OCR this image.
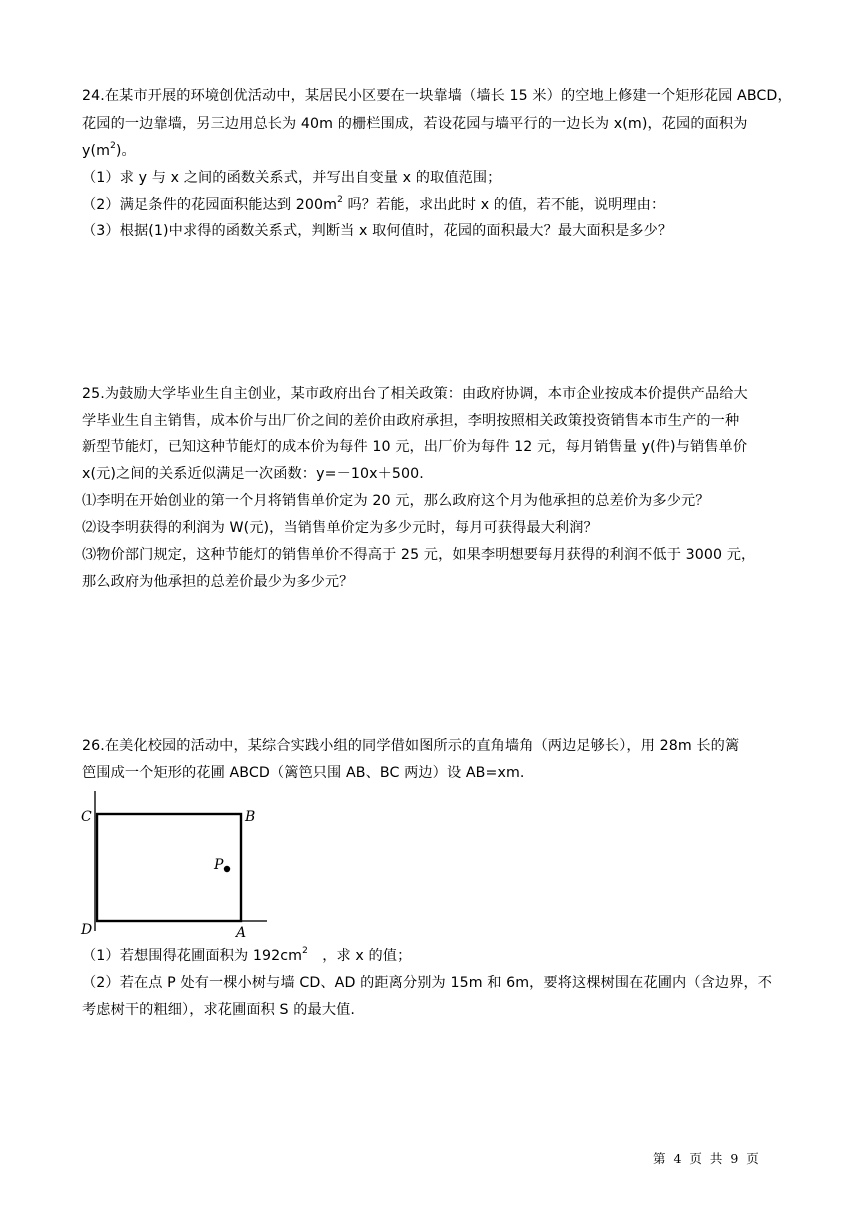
24.在某市开展的环境创优活动中，某居民小区要在一块靠墙（墙长 15 米）的空地上修建一个矩形花园 ABCD，
花园的一边靠墙，另三边用总长为 40m 的栅栏围成，若设花园与墙平行的一边长为 x(m)，花园的面积为
$y(m^2)$。
（1）求 y 与 x 之间的函数关系式，并写出自变量 x 的取值范围；
（2）满足条件的花园面积能达到 $200m^2$ 吗？若能，求出此时 x 的值，若不能，说明理由：
（3）根据(1)中求得的函数关系式，判断当 x 取何值时，花园的面积最大？最大面积是多少？
25.为鼓励大学毕业生自主创业，某市政府出台了相关政策：由政府协调，本市企业按成本价提供产品给大
学毕业生自主销售，成本价与出厂价之间的差价由政府承担，李明按照相关政策投资销售本市生产的一种
新型节能灯，已知这种节能灯的成本价为每件 10 元，出厂价为每件 12 元，每月销售量 y(件)与销售单价
x(元)之间的关系近似满足一次函数：y=－10x＋500.
⑴李明在开始创业的第一个月将销售单价定为 20 元，那么政府这个月为他承担的总差价为多少元？
⑵设李明获得的利润为 W(元)，当销售单价定为多少元时，每月可获得最大利润？
⑶物价部门规定，这种节能灯的销售单价不得高于 25 元，如果李明想要每月获得的利润不低于 3000 元，
那么政府为他承担的总差价最少为多少元？
26.在美化校园的活动中，某综合实践小组的同学借如图所示的直角墙角（两边足够长），用 28m 长的篱
笆围成一个矩形的花圃 ABCD（篱笆只围 AB、BC 两边）设 AB=xm.
C	B
P
D	A
（1）若想围得花圃面积为 $192cm^2$　，求 x 的值；
（2）若在点 P 处有一棵小树与墙 CD、AD 的距离分别为 15m 和 6m，要将这棵树围在花圃内（含边界，不
考虑树干的粗细），求花圃面积 S 的最大值.
第 4 页 共 9 页
